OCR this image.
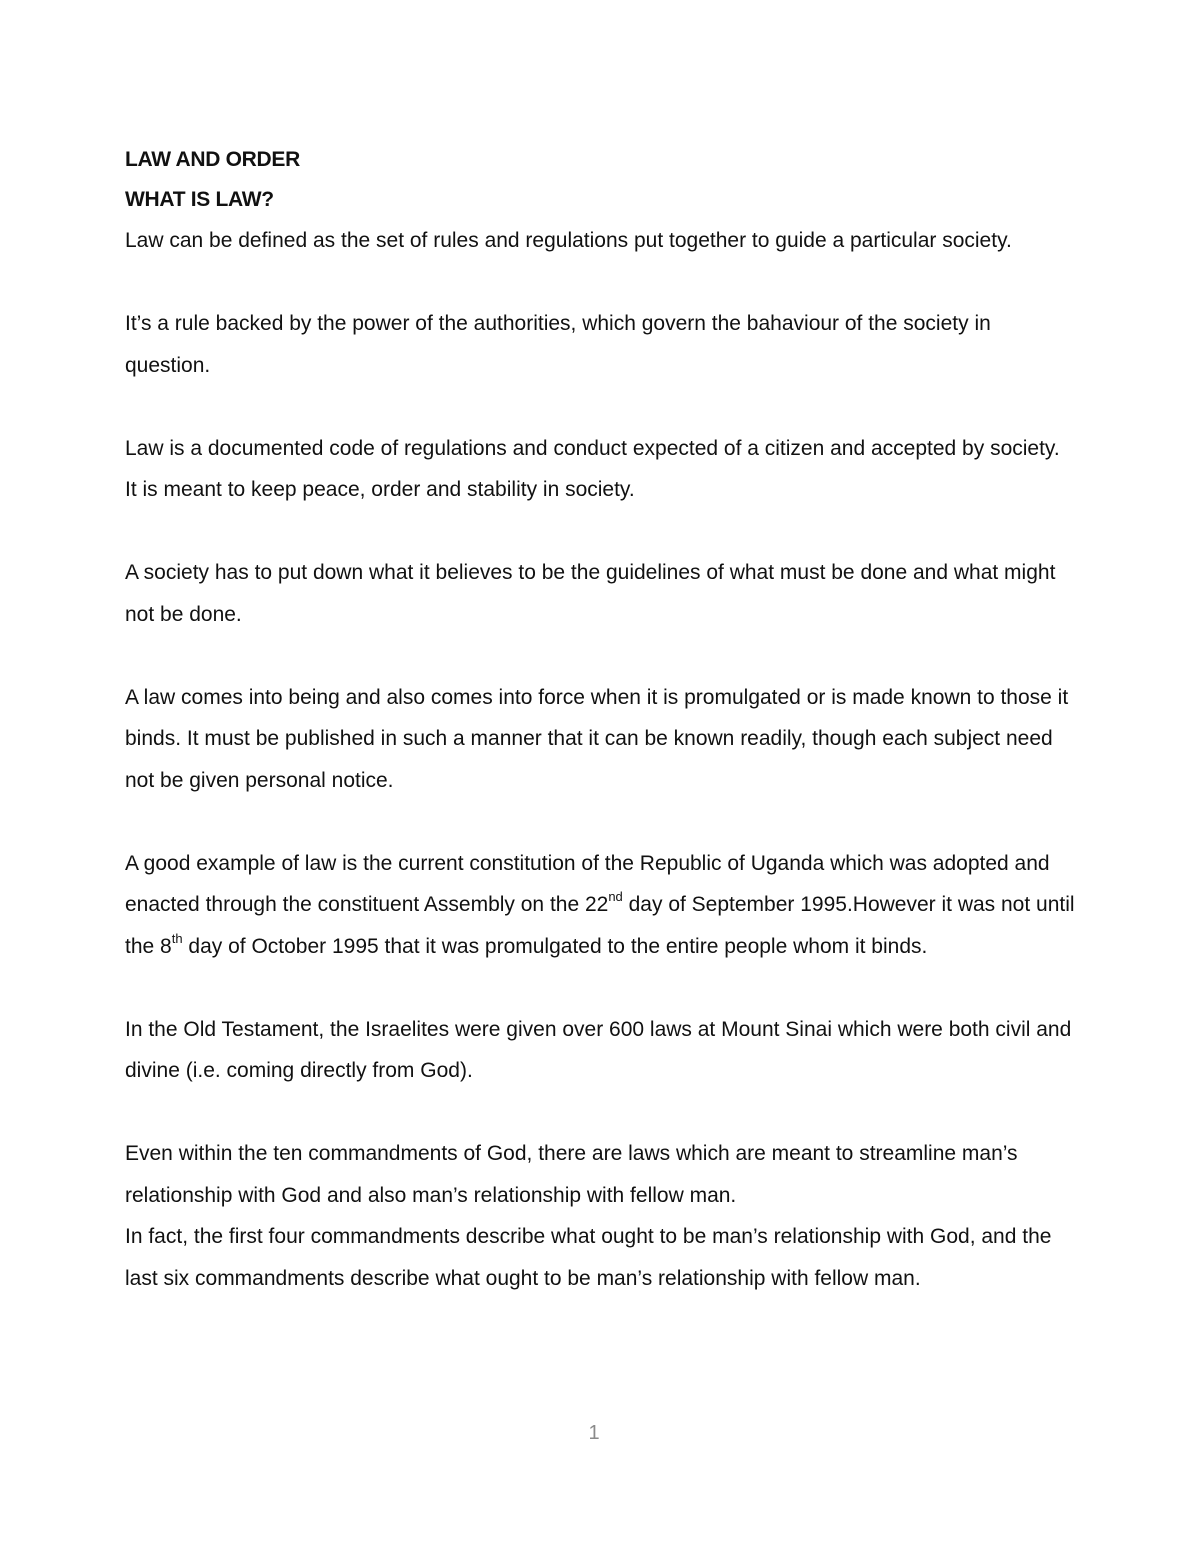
LAW AND ORDER
WHAT IS LAW?

Law can be defined as the set of rules and regulations put together to guide a particular society.

It’s a rule backed by the power of the authorities, which govern the bahaviour of the society in question.

Law is a documented code of regulations and conduct expected of a citizen and accepted by society. It is meant to keep peace, order and stability in society.

A society has to put down what it believes to be the guidelines of what must be done and what might not be done.

A law comes into being and also comes into force when it is promulgated or is made known to those it binds. It must be published in such a manner that it can be known readily, though each subject need not be given personal notice.

A good example of law is the current constitution of the Republic of Uganda which was adopted and enacted through the constituent Assembly on the 22nd day of September 1995.However it was not until the 8th day of October 1995 that it was promulgated to the entire people whom it binds.

In the Old Testament, the Israelites were given over 600 laws at Mount Sinai which were both civil and divine (i.e. coming directly from God).

Even within the ten commandments of God, there are laws which are meant to streamline man’s relationship with God and also man’s relationship with fellow man.

In fact, the first four commandments describe what ought to be man’s relationship with God, and the last six commandments describe what ought to be man’s relationship with fellow man.

1
